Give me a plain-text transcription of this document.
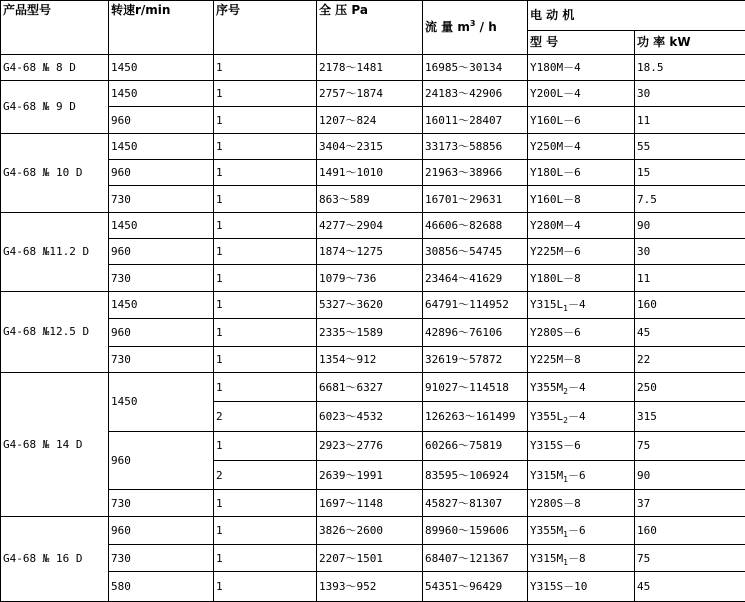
产品型号	转速r/min	序号	全 压 Pa	流 量 $m^3$ / h	电 动 机	
					型 号	功 率 kW
G4-68 № 8 D	1450	1	2178～1481	16985～30134	Y180M－4	18.5
G4-68 № 9 D	1450	1	2757～1874	24183～42906	Y200L－4	30
	960	1	1207～824	16011～28407	Y160L－6	11
G4-68 № 10 D	1450	1	3404～2315	33173～58856	Y250M－4	55
	960	1	1491～1010	21963～38966	Y180L－6	15
	730	1	863～589	16701～29631	Y160L－8	7.5
G4-68 №11.2 D	1450	1	4277～2904	46606～82688	Y280M－4	90
	960	1	1874～1275	30856～54745	Y225M－6	30
	730	1	1079～736	23464～41629	Y180L－8	11
G4-68 №12.5 D	1450	1	5327～3620	64791～114952	$Y315L_1-4$	160
	960	1	2335～1589	42896～76106	Y280S－6	45
	730	1	1354～912	32619～57872	Y225M－8	22
G4-68 № 14 D	1450	1	6681～6327	91027～114518	$Y355M_2-4$	250
		2	6023～4532	126263～161499	$Y355L_2-4$	315
	960	1	2923～2776	60266～75819	Y315S－6	75
		2	2639～1991	83595～106924	$Y315M_1-6$	90
	730	1	1697～1148	45827～81307	Y280S－8	37
G4-68 № 16 D	960	1	3826～2600	89960～159606	$Y355M_1-6$	160
	730	1	2207～1501	68407～121367	$Y315M_1-8$	75
	580	1	1393～952	54351～96429	Y315S－10	45
